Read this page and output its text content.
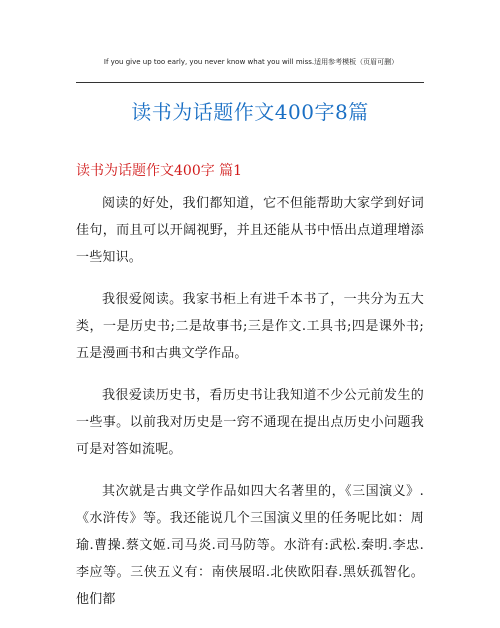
If you give up too early, you never know what you will miss.适用参考模板（页眉可删）
读书为话题作文400字8篇
读书为话题作文400字 篇1

阅读的好处，我们都知道，它不但能帮助大家学到好词佳句，而且可以开阔视野，并且还能从书中悟出点道理增添一些知识。

我很爱阅读。我家书柜上有进千本书了，一共分为五大类，一是历史书;二是故事书;三是作文.工具书;四是课外书;五是漫画书和古典文学作品。

我很爱读历史书，看历史书让我知道不少公元前发生的一些事。以前我对历史是一窍不通现在提出点历史小问题我可是对答如流呢。

其次就是古典文学作品如四大名著里的，《三国演义》.《水浒传》等。我还能说几个三国演义里的任务呢比如：周瑜.曹操.蔡文姬.司马炎.司马防等。水浒有:武松.秦明.李忠.李应等。三侠五义有：南侠展昭.北侠欧阳春.黑妖孤智化。他们都
